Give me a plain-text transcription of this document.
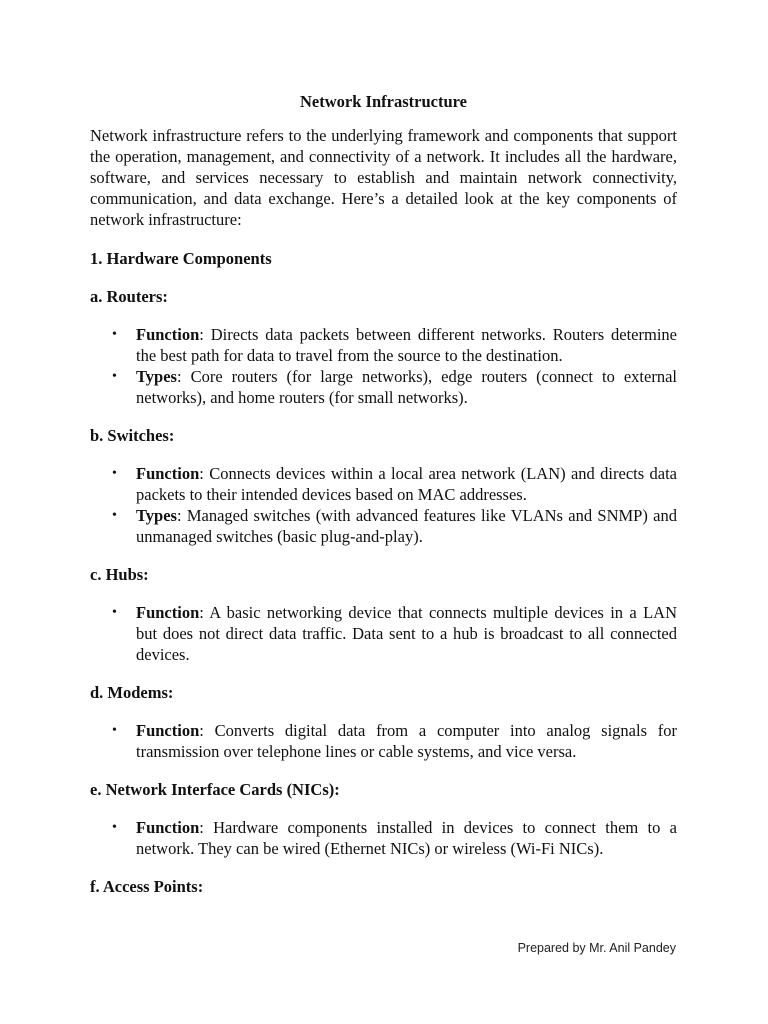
Network Infrastructure

Network infrastructure refers to the underlying framework and components that support the operation, management, and connectivity of a network. It includes all the hardware, software, and services necessary to establish and maintain network connectivity, communication, and data exchange. Here’s a detailed look at the key components of network infrastructure:

1. Hardware Components
a. Routers:
• Function: Directs data packets between different networks. Routers determine the best path for data to travel from the source to the destination.
• Types: Core routers (for large networks), edge routers (connect to external networks), and home routers (for small networks).
b. Switches:
• Function: Connects devices within a local area network (LAN) and directs data packets to their intended devices based on MAC addresses.
• Types: Managed switches (with advanced features like VLANs and SNMP) and unmanaged switches (basic plug-and-play).
c. Hubs:
• Function: A basic networking device that connects multiple devices in a LAN but does not direct data traffic. Data sent to a hub is broadcast to all connected devices.
d. Modems:
• Function: Converts digital data from a computer into analog signals for transmission over telephone lines or cable systems, and vice versa.
e. Network Interface Cards (NICs):
• Function: Hardware components installed in devices to connect them to a network. They can be wired (Ethernet NICs) or wireless (Wi-Fi NICs).
f. Access Points:
Prepared by Mr. Anil Pandey
